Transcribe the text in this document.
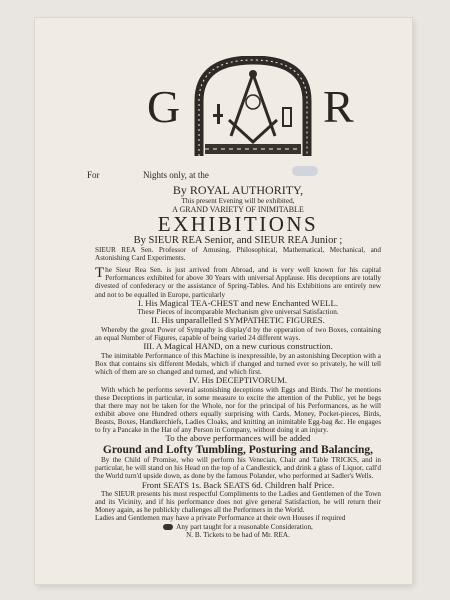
G	R
For	Nights only, at the

By ROYAL AUTHORITY,

This present Evening will be exhibited,

A GRAND VARIETY OF INIMITABLE

EXHIBITIONS

By SIEUR REA Senior, and SIEUR REA Junior ;

SIEUR REA Sen. Professor of Amusing, Philosophical, Mathematical, Mechanical, and Astonishing Card Experiments.

The Sieur Rea Sen. is just arrived from Abroad, and is very well known for his capital Performances exhibited for above 30 Years with universal Applause. His deceptions are totally divested of confederacy or the assistance of Spring-Tables. And his Exhibitions are entirely new and not to be equalled in Europe, particularly

I. His Magical TEA-CHEST and new Enchanted WELL.

These Pieces of incomparable Mechanism give universal Satisfaction.

II. His unparallelled SYMPATHETIC FIGURES.

Whereby the great Power of Sympathy is display'd by the opperation of two Boxes, containing an equal Number of Figures, capable of being varied 24 different ways.

III. A Magical HAND, on a new curious construction.

The inimitable Performance of this Machine is inexpressible, by an astonishing Deception with a Box that contains six different Medals, which if changed and turned ever so privately, he will tell which of them are so changed and turned, and which first.

IV. His DECEPTIVORUM.

With which he performs several astonishing deceptions with Eggs and Birds. Tho' he mentions these Deceptions in particular, in some measure to excite the attention of the Public, yet he begs that there may not be taken for the Whole, nor for the principal of his Performances, as he will exhibit above one Hundred others equally surprising with Cards, Money, Pocket-pieces, Birds, Beasts, Boxes, Handkerchiefs, Ladies Cloaks, and knitting an inimitable Egg-bag &c. He engages to fry a Pancake in the Hat of any Person in Company, without doing it an injury.

To the above performances will be added

Ground and Lofty Tumbling, Posturing and Balancing,

By the Child of Promise, who will perform his Venecian, Chair and Table TRICKS, and in particular, he will stand on his Head on the top of a Candlestick, and drink a glass of Liquor, call'd the World turn'd upside down, as done by the famous Polander, who performed at Sadler's Wells.

Front SEATS 1s. Back SEATS 6d. Children half Price.

The SIEUR presents his most respectful Compliments to the Ladies and Gentlemen of the Town and its Vicinity, and if his performance does not give general Satisfaction, he will return their Money again, as he publickly challenges all the Performers in the World.

Ladies and Gentlemen may have a private Performance at their own Houses if required

Any part taught for a reasonable Consideration,

N. B. Tickets to be had of Mr. REA.
